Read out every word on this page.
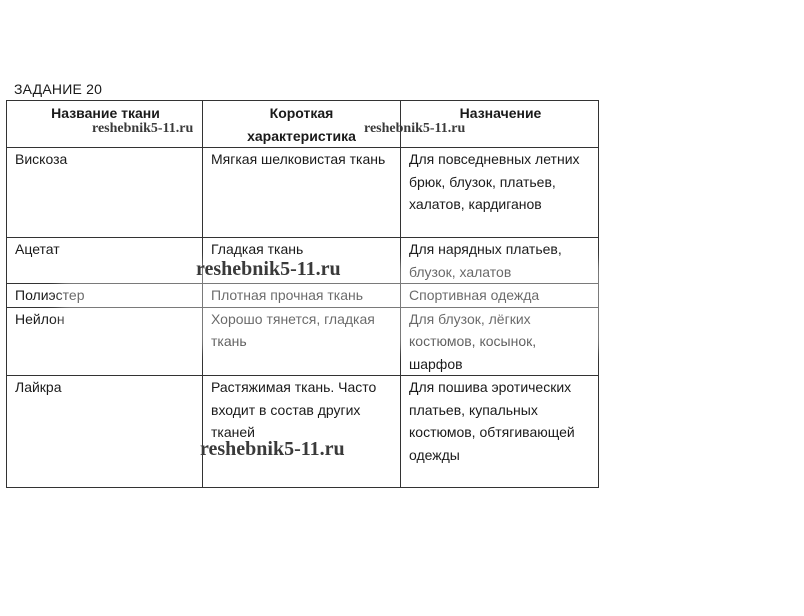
ЗАДАНИЕ 20
Название ткани	Короткая характеристика	Назначение
Вискоза	Мягкая шелковистая ткань	Для повседневных летних брюк, блузок, платьев, халатов, кардиганов
Ацетат	Гладкая ткань	Для нарядных платьев, блузок, халатов
Полиэстер	Плотная прочная ткань	Спортивная одежда
Нейлон	Хорошо тянется, гладкая ткань	Для блузок, лёгких костюмов, косынок, шарфов
Лайкра	Растяжимая ткань. Часто входит в состав других тканей	Для пошива эротических платьев, купальных костюмов, обтягивающей одежды
reshebnik5-11.ru	reshebnik5-11.ru
reshebnik5-11.ru
reshebnik5-11.ru
